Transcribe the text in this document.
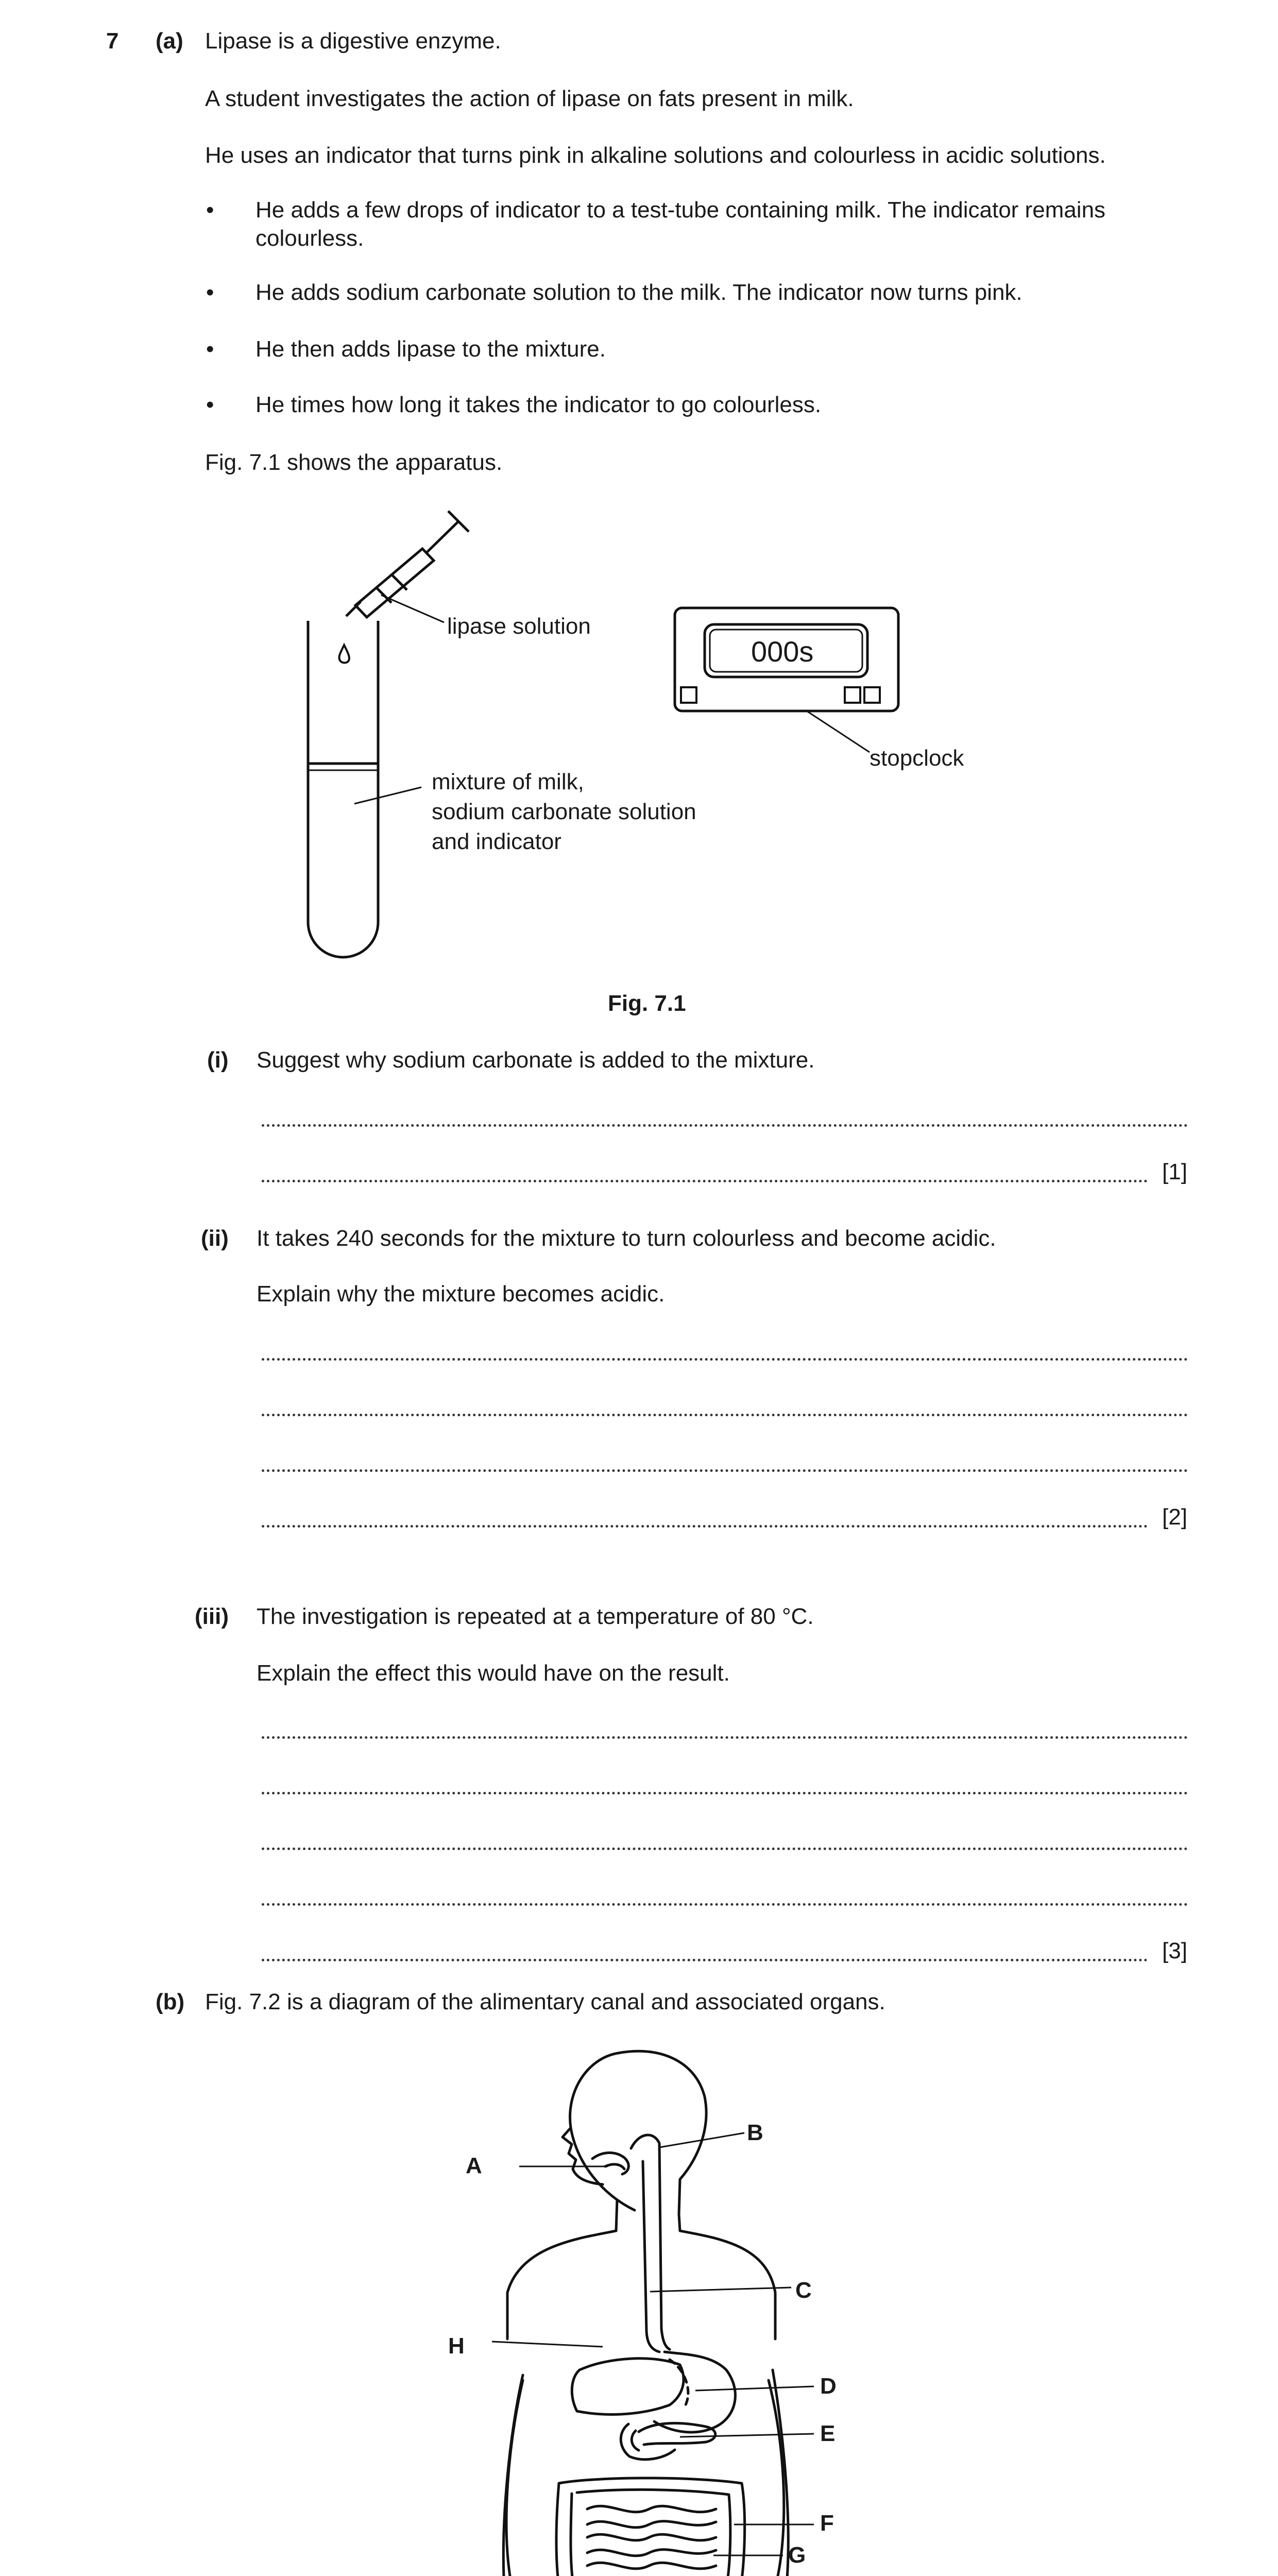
7 (a) Lipase is a digestive enzyme.
A student investigates the action of lipase on fats present in milk.
He uses an indicator that turns pink in alkaline solutions and colourless in acidic solutions.
• He adds a few drops of indicator to a test-tube containing milk. The indicator remains colourless.
• He adds sodium carbonate solution to the milk. The indicator now turns pink.
• He then adds lipase to the mixture.
• He times how long it takes the indicator to go colourless.
Fig. 7.1 shows the apparatus.
lipase solution
000s
stopclock
mixture of milk,
sodium carbonate solution
and indicator
Fig. 7.1
(i) Suggest why sodium carbonate is added to the mixture.
[1]
(ii) It takes 240 seconds for the mixture to turn colourless and become acidic.
Explain why the mixture becomes acidic.
[2]
(iii) The investigation is repeated at a temperature of 80 °C.
Explain the effect this would have on the result.
[3]
(b) Fig. 7.2 is a diagram of the alimentary canal and associated organs.
A
B
C
H
D
E
F
G
